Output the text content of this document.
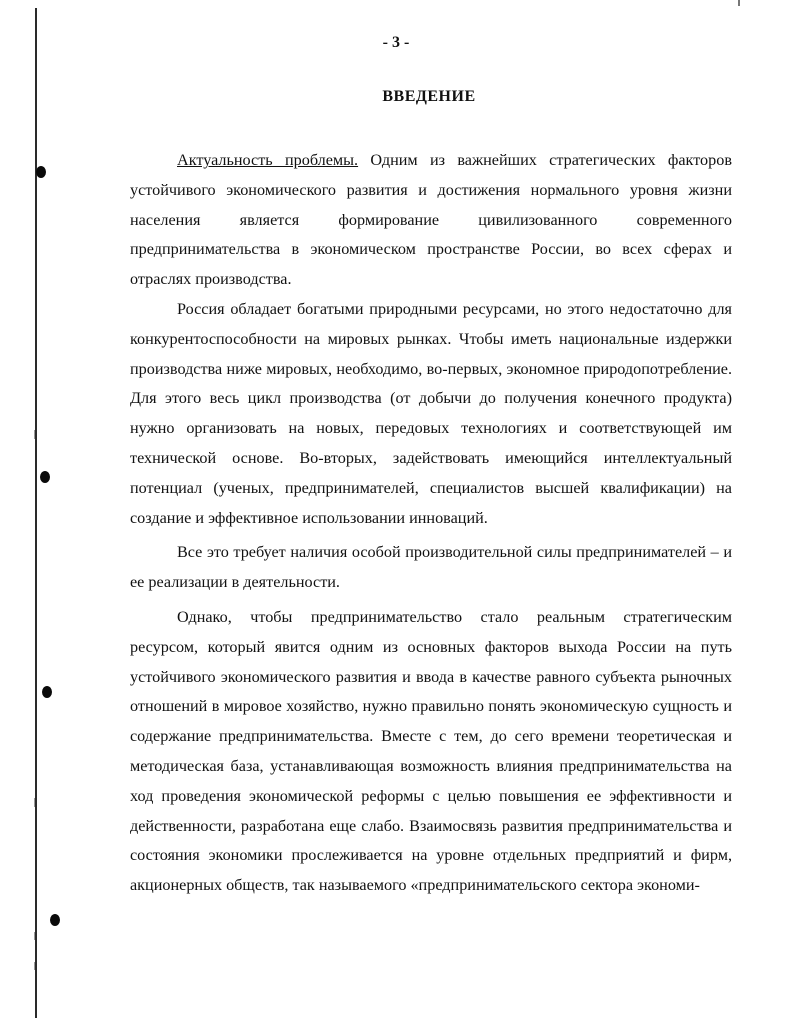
- 3 -
ВВЕДЕНИЕ

Актуальность проблемы. Одним из важнейших стратегических факторов устойчивого экономического развития и достижения нормального уровня жизни населения является формирование цивилизованного современного предпринимательства в экономическом пространстве России, во всех сферах и отраслях производства.

Россия обладает богатыми природными ресурсами, но этого недостаточно для конкурентоспособности на мировых рынках. Чтобы иметь национальные издержки производства ниже мировых, необходимо, во-первых, экономное природопотребление. Для этого весь цикл производства (от добычи до получения конечного продукта) нужно организовать на новых, передовых технологиях и соответствующей им технической основе. Во-вторых, задействовать имеющийся интеллектуальный потенциал (ученых, предпринимателей, специалистов высшей квалификации) на создание и эффективное использовании инноваций.

Все это требует наличия особой производительной силы предпринимателей – и ее реализации в деятельности.

Однако, чтобы предпринимательство стало реальным стратегическим ресурсом, который явится одним из основных факторов выхода России на путь устойчивого экономического развития и ввода в качестве равного субъекта рыночных отношений в мировое хозяйство, нужно правильно понять экономическую сущность и содержание предпринимательства. Вместе с тем, до сего времени теоретическая и методическая база, устанавливающая возможность влияния предпринимательства на ход проведения экономической реформы с целью повышения ее эффективности и действенности, разработана еще слабо. Взаимосвязь развития предпринимательства и состояния экономики прослеживается на уровне отдельных предприятий и фирм, акционерных обществ, так называемого «предпринимательского сектора экономи-
